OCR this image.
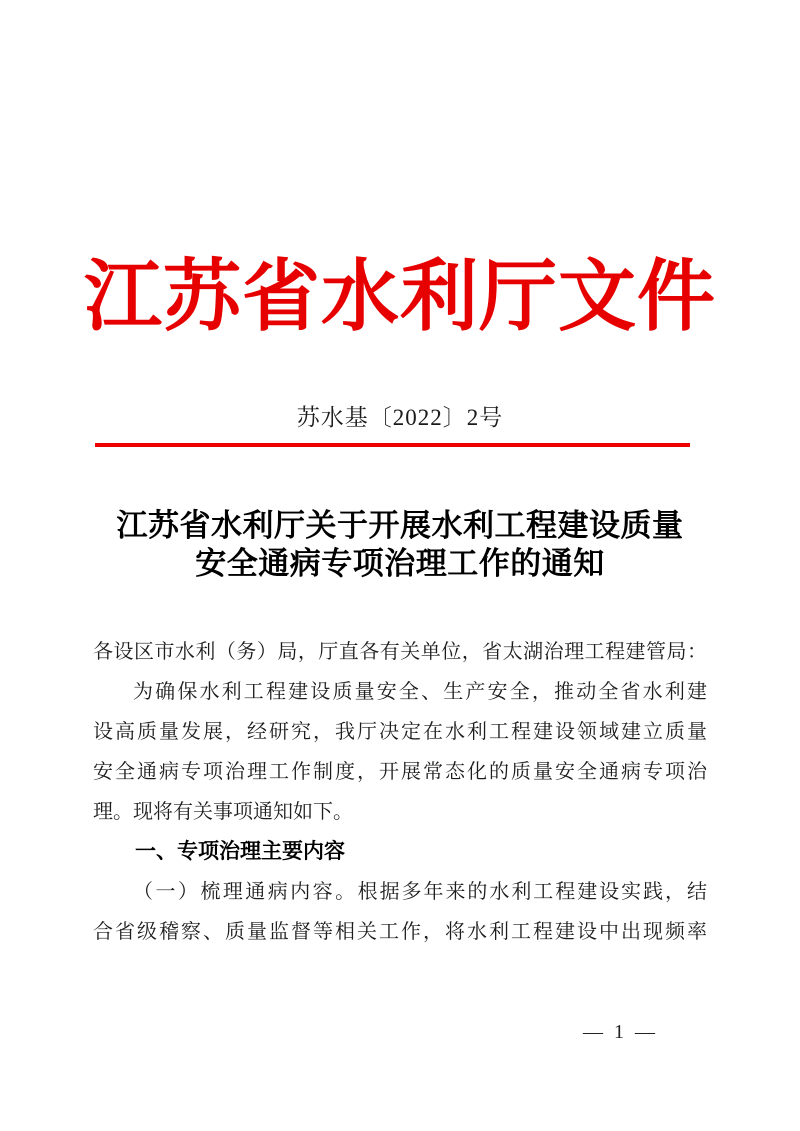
江苏省水利厅文件
苏水基〔2022〕2号
江苏省水利厅关于开展水利工程建设质量
安全通病专项治理工作的通知
各设区市水利（务）局，厅直各有关单位，省太湖治理工程建管局：
为确保水利工程建设质量安全、生产安全，推动全省水利建
设高质量发展，经研究，我厅决定在水利工程建设领域建立质量
安全通病专项治理工作制度，开展常态化的质量安全通病专项治
理。现将有关事项通知如下。
一、专项治理主要内容
（一）梳理通病内容。根据多年来的水利工程建设实践，结
合省级稽察、质量监督等相关工作，将水利工程建设中出现频率
— 1 —
